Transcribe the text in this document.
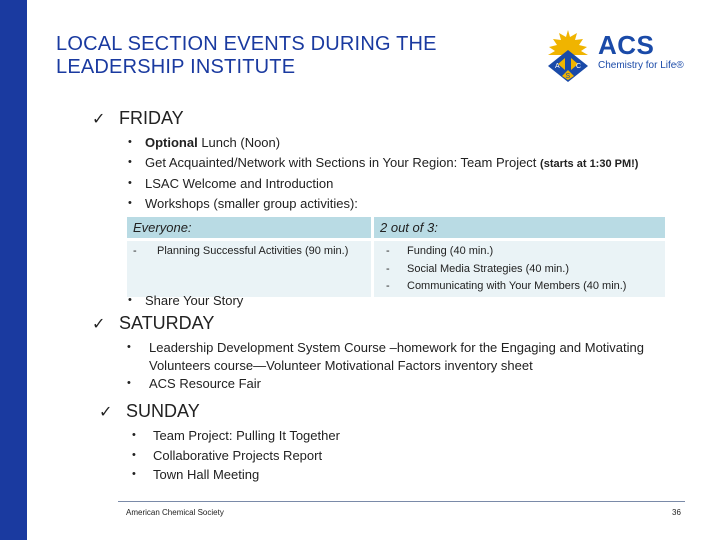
LOCAL SECTION EVENTS DURING THE LEADERSHIP INSTITUTE	A C
S
ACS
Chemistry for Life®
✓ FRIDAY
• Optional Lunch (Noon)
• Get Acquainted/Network with Sections in Your Region: Team Project (starts at 1:30 PM!)
• LSAC Welcome and Introduction
• Workshops (smaller group activities):
Everyone:	2 out of 3:
- Planning Successful Activities (90 min.)	- Funding (40 min.)
- Social Media Strategies (40 min.)
- Communicating with Your Members (40 min.)
• Share Your Story
✓ SATURDAY
• Leadership Development System Course –homework for the Engaging and Motivating
Volunteers course—Volunteer Motivational Factors inventory sheet
• ACS Resource Fair
✓ SUNDAY
• Team Project: Pulling It Together
• Collaborative Projects Report
• Town Hall Meeting
American Chemical Society	36
